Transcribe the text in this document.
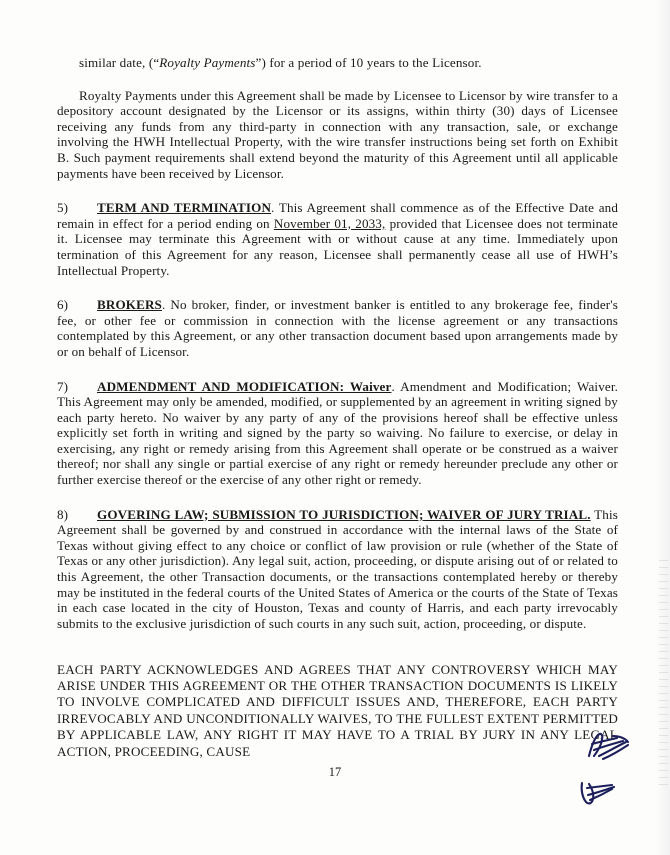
similar date, (“Royalty Payments”) for a period of 10 years to the Licensor.

Royalty Payments under this Agreement shall be made by Licensee to Licensor by wire transfer to a depository account designated by the Licensor or its assigns, within thirty (30) days of Licensee receiving any funds from any third-party in connection with any transaction, sale, or exchange involving the HWH Intellectual Property, with the wire transfer instructions being set forth on Exhibit B. Such payment requirements shall extend beyond the maturity of this Agreement until all applicable payments have been received by Licensor.

5) TERM AND TERMINATION. This Agreement shall commence as of the Effective Date and remain in effect for a period ending on November 01, 2033, provided that Licensee does not terminate it. Licensee may terminate this Agreement with or without cause at any time. Immediately upon termination of this Agreement for any reason, Licensee shall permanently cease all use of HWH’s Intellectual Property.

6) BROKERS. No broker, finder, or investment banker is entitled to any brokerage fee, finder's fee, or other fee or commission in connection with the license agreement or any transactions contemplated by this Agreement, or any other transaction document based upon arrangements made by or on behalf of Licensor.

7) ADMENDMENT AND MODIFICATION: Waiver. Amendment and Modification; Waiver. This Agreement may only be amended, modified, or supplemented by an agreement in writing signed by each party hereto. No waiver by any party of any of the provisions hereof shall be effective unless explicitly set forth in writing and signed by the party so waiving. No failure to exercise, or delay in exercising, any right or remedy arising from this Agreement shall operate or be construed as a waiver thereof; nor shall any single or partial exercise of any right or remedy hereunder preclude any other or further exercise thereof or the exercise of any other right or remedy.

8) GOVERING LAW; SUBMISSION TO JURISDICTION; WAIVER OF JURY TRIAL. This Agreement shall be governed by and construed in accordance with the internal laws of the State of Texas without giving effect to any choice or conflict of law provision or rule (whether of the State of Texas or any other jurisdiction). Any legal suit, action, proceeding, or dispute arising out of or related to this Agreement, the other Transaction documents, or the transactions contemplated hereby or thereby may be instituted in the federal courts of the United States of America or the courts of the State of Texas in each case located in the city of Houston, Texas and county of Harris, and each party irrevocably submits to the exclusive jurisdiction of such courts in any such suit, action, proceeding, or dispute.

EACH PARTY ACKNOWLEDGES AND AGREES THAT ANY CONTROVERSY WHICH MAY ARISE UNDER THIS AGREEMENT OR THE OTHER TRANSACTION DOCUMENTS IS LIKELY TO INVOLVE COMPLICATED AND DIFFICULT ISSUES AND, THEREFORE, EACH PARTY IRREVOCABLY AND UNCONDITIONALLY WAIVES, TO THE FULLEST EXTENT PERMITTED BY APPLICABLE LAW, ANY RIGHT IT MAY HAVE TO A TRIAL BY JURY IN ANY LEGAL ACTION, PROCEEDING, CAUSE

17
